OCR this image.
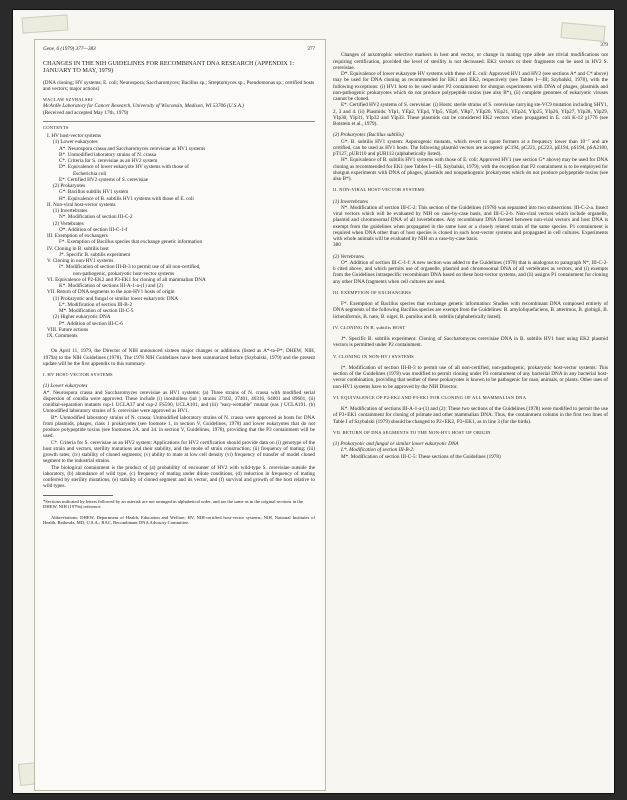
Gene, 6 (1979) 377—383	377

CHANGES IN THE NIH GUIDELINES FOR RECOMBINANT DNA RESEARCH (APPENDIX 1: JANUARY TO MAY, 1979)

(DNA cloning; HV systems; E. coli; Neurospora; Saccharomyces; Bacillus sp.; Streptomyces sp.; Pseudomonas sp.; certified hosts and vectors; major actions)

WACLAW SZYBALSKI

McArdle Laboratory for Cancer Research, University of Wisconsin, Madison, WI 53706 (U.S.A.)

(Received and accepted May 17th, 1979)

CONTENTS

I. HV host-vector systems
(1) Lower eukaryotes
A*. Neurospora crassa and Saccharomyces cerevisiae as HV1 systems
B*. Unmodified laboratory strains of N. crassa
C*. Criteria for S. cerevisiae as an HV2 system
D*. Equivalence of lower eukaryote HV systems with those of
Escherichia coli
E*. Certified HV2 systems of S. cerevisiae
(2) Prokaryotes
G*. Bacillus subtilis HV1 system
H*. Equivalence of B. subtilis HV1 systems with those of E. coli
II. Non-viral host-vector systems
(1) Invertebrates
N*. Modification of section III-C-2
(2) Vertebrates
O*. Addition of section III-C-1-f
III. Exemption of exchangers
F*. Exemption of Bacillus species that exchange genetic information
IV. Cloning in B. subtilis host
J*. Specific B. subtilis experiment
V. Cloning in non-HV1 systems
I*. Modification of section III-B-3 to permit use of all non-certified,
non-pathogenic, prokaryotic host-vector systems
VI. Equivalence of P2-EK2 and P3-EK1 for cloning of all mammalian DNA
K*. Modification of sections III-A-1-a-(1) and (2)
VII. Return of DNA segments to the non-HV1 hosts of origin
(1) Prokaryotic and fungal or similar lower eukaryotic DNA
L*. Modification of section III-B-2
M*. Modification of section III-C-5
(2) Higher eukaryotic DNA
P*. Addition of section III-C-6
VIII. Future actions
IX. Comments

On April 11, 1979, the Director of NIH announced sixteen major changes or additions (listed as A*-to-P*; DHEW, NIH, 1979a) to the NIH Guidelines (1978). The 1978 NIH Guidelines have been summarized before (Szybalski, 1979) and the present update will be the first appendix to this summary.

I. HV HOST-VECTOR SYSTEMS

(1) Lower eukaryotes

A*. Neurospora crassa and Saccharomyces cerevisiae as HV1 systems: (a) Three strains of N. crassa with modified serial dispersion of conidia were approved. These include (i) inositolless (inl ) strains 37102, 37401, 46316, 64001 and 89601, (ii) conidial-separation mutants csp-1 UCLA37 and csp-2 FS590, UCLA101, and (iii) "easy-wettable" mutant (eas ) UCLA191. (b) Unmodified laboratory strains of S. cerevisiae were approved as HV1.

B*. Unmodified laboratory strains of N. crassa: Unmodified laboratory strains of N. crassa were approved as hosts for DNA from plasmids, phages, class 1 prokaryotes (see footnote 1, in section V, Guidelines, 1978) and lower eukaryotes that do not produce polypeptide toxins (see footnotes 2A. and 34. in section V, Guidelines, 1978), providing that the P3 containment will be used.

C*. Criteria for S. cerevisiae as an HV2 system: Applications for HV2 certification should provide data on (i) genotype of the host strain and vectors, sterility mutations and their stability, and the mode of strain construction; (ii) frequency of mating; (iii) growth rates; (iv) stability of cloned segments; (v) ability to mate at low cell density (vi) frequency of transfer of model cloned segment to the industrial strains.

The biological containment is the product of (a) probability of encounter of HV2 with wild-type S. cerevisiae outside the laboratory, (b) abundance of wild type, (c) frequency of mating under dilute conditions, (d) reduction in frequency of mating conferred by sterility mutations, (e) stability of cloned segment and its vector, and (f) survival and growth of the host relative to wild types.

*Sections indicated by letters followed by an asterisk are not arranged in alphabetical order, and are the same as in the original sections in the DHEW, NIH (1979a) reference.

Abbreviations: DHEW, Department of Health, Education and Welfare; HV, NIH-certified host-vector systems; NIH, National Institutes of Health, Bethesda, MD, U.S.A.; RAC, Recombinant DNA Advisory Committee.

379

Changes of auxotrophic selective markers in host and vector, or change in mating type allele are trivial modifications not requiring certification, provided the level of sterility is not decreased. EK2 vectors or their fragments can be used in HV2 S. cerevisiae.

D*. Equivalence of lower eukaryote HV systems with those of E. coli: Approved HV1 and HV2 (see sections A* and C* above) may be used for DNA cloning as recommended for EK1 and EK2, respectively (see Tables I—III; Szybalski, 1978), with the following exceptions: (i) HV1 host to be used under P2 containment for shotgun experiments with DNA of phages, plasmids and non-pathogenic prokaryotes which do not produce polypeptide toxins (see also B*), (ii) complete genomes of eukaryotic viruses cannot be cloned.

E*. Certified HV2 systems of S. cerevisiae: (i) Hosts: sterile strains of S. cerevisiae carrying ste-VC9 mutation including SHY1, 2, 3 and 4. (ii) Plasmids: YIp1, YEp2, YEp4, YIp5, YEp6, YRp7, YEp20, YEp21, YEp24, YIp25, YIp26, YIp27, YIp28, YIp29, YIp30, YIp31, YIp32 and YIp33. These plasmids can be considered EK2 vectors when propagated in E. coli K-12 χ1776 (see Botstein et al., 1979).

(2) Prokaryotes (Bacillus subtilis)

G*. B. subtilis HV1 system: Asporogenic mutants, which revert to spore formers at a frequency lower than 10⁻⁷ and are certified, can be used as HV1 hosts. The following plasmid vectors are accepted: pC194, pC221, pC223, pE194, pS194, pSA2100, pT127, pUB110 and pUB112 (alphabetically listed).

H*. Equivalence of B. subtilis HV1 systems with those of E. coli: Approved HV1 (see section G* above) may be used for DNA cloning as recommended for EK1 (see Tables I—III, Szybalski, 1979), with the exception that P2 containment is to be employed for shotgun experiments with DNA of phages, plasmids and nonpathogenic prokaryotes which do not produce polypeptide toxins (see also B*).

II. NON-VIRAL HOST-VECTOR SYSTEMS

(1) Invertebrates

N*. Modification of section III-C-2: This section of the Guidelines (1978) was separated into two subsections: III-C-2-a. Insect viral vectors which will be evaluated by NIH on case-by-case basis, and III-C-2-b. Non-viral vectors which include organelle, plasmid and chromosomal DNA of all invertebrates. Any recombinant DNA formed between non-viral vectors and host DNA is exempt from the guidelines when propagated in the same host or a closely related strain of the same species. P1 containment is required when DNA other than of host species is cloned in such host-vector systems and propagated in cell cultures. Experiments with whole animals will be evaluated by NIH on a case-by-case basis.

380

(2) Vertebrates

O*. Addition of section III-C-1-f: A new section was added to the Guidelines (1978) that is analogous to paragraph N*, III-C-2-b cited above, and which permits use of organelle, plasmid and chromosomal DNA of all vertebrates as vectors, and (i) exempts from the Guidelines intraspecific recombinant DNA based on these host-vector systems, and (ii) assigns P1 containment for cloning any other DNA fragments when cell cultures are used.

III. EXEMPTION OF EXCHANGERS

F*. Exemption of Bacillus species that exchange genetic information: Studies with recombinant DNA composed entirely of DNA segments of the following Bacillus species are exempt from the Guidelines: B. amyloliquefaciens, B. atterimus, B. globigii, B. licheniformis, B. nato, B. niger, B. pumilus and B. subtilis (alphabetically listed).

IV. CLONING IN B. subtilis HOST

J*. Specific B. subtilis experiment: Cloning of Saccharomyces cerevisiae DNA in B. subtilis HV1 host using EK2 plasmid vectors is permitted under P2 containment.

V. CLONING IN NON-HV1 SYSTEMS

I*. Modification of section III-B-3 to permit use of all non-certified, non-pathogenic, prokaryotic host-vector systems: This section of the Guidelines (1978) was modified to permit cloning under P3 containment of any bacterial DNA in any bacterial host-vector combination, providing that neither of these prokaryotes is known to be pathogenic for man, animals, or plants. Other uses of non-HV1 systems have to be approved by the NIH Director.

VI. EQUIVALENCE OF P2-EK2 AND P3-EK1 FOR CLONING OF ALL MAMMALIAN DNA

K*. Modification of sections III-A-1-a-(1) and (2): These two sections of the Guidelines (1978) were modified to permit the use of P3+EK1 containment for cloning of primate and other mammalian DNA. Thus, the containment column in the first two lines of Table I of Szybalski (1979) should be changed to P2+EK2, P3+EK1, as in line 3 (for the birds).

VII. RETURN OF DNA SEGMENTS TO THE NON-HV1 HOST OF ORIGIN

(1) Prokaryotic and fungal or similar lower eukaryotic DNA

L*. Modification of section III-B-2:

M*. Modification of section III-C-5: These sections of the Guidelines (1978)
